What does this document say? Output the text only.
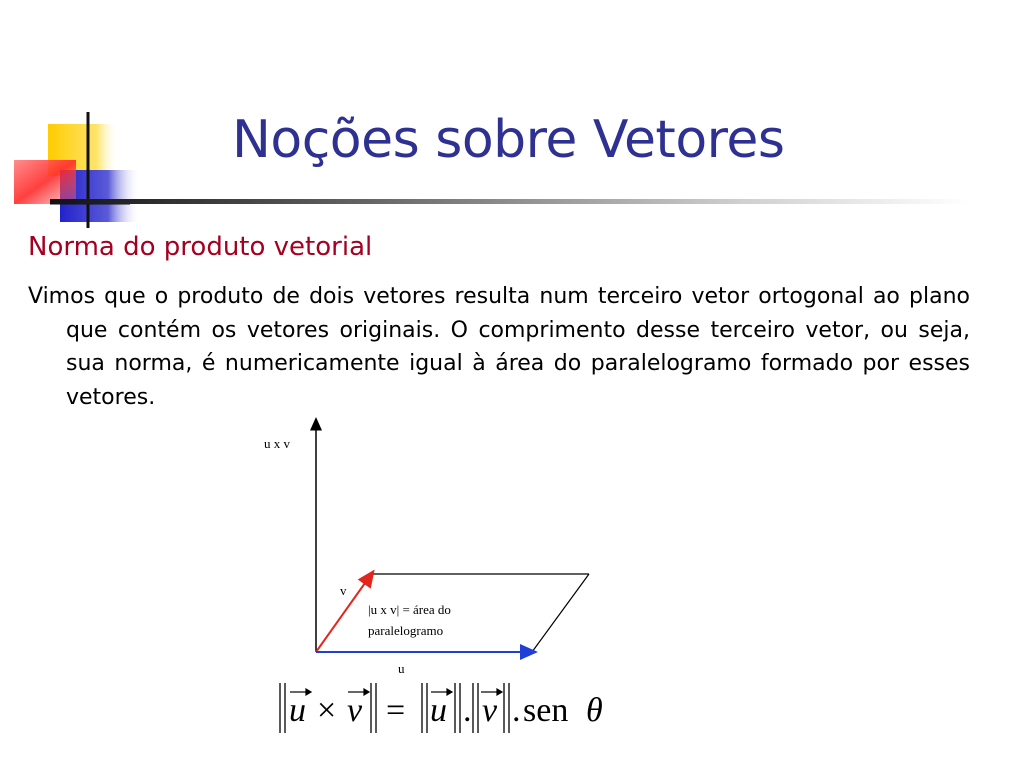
Noções sobre Vetores
Norma do produto vetorial
Vimos que o produto de dois vetores resulta num terceiro vetor ortogonal ao plano que contém os vetores originais. O comprimento desse terceiro vetor, ou seja, sua norma, é numericamente igual à área do paralelogramo formado por esses vetores.
u x v
v
u
|u x v| = área do
paralelogramo
u × v = u . v . sen θ
